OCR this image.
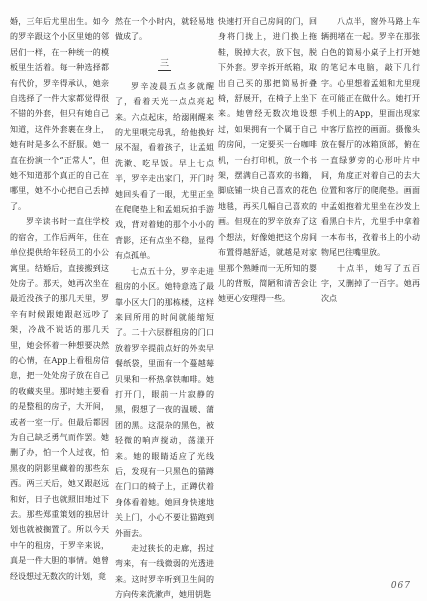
婚，三年后尤里出生。如今的罗辛跟这个小区里她的邻居们一样，在一种统一的模板里生活着。每一种选择都有代价，罗辛得承认，她亲自选择了一件大家都觉得很不错的外套，但只有她自己知道，这件外套裹在身上，她有时是多么不舒服。她一直在扮演一个“正常人”，但她不知道那个真正的自己在哪里，她不小心把自己丢掉了。

罗辛读书时一直住学校的宿舍，工作后两年，住在单位提供给年轻员工的小公寓里。结婚后，直接搬到这处房子。那天，她再次坐在最近没孩子的那几天里，罗辛有时候跟她跟赵远吵了架，冷战不说话的那几天里，她会怀着一种想要决然的心情，在App上看租房信息，把一处处房子放在自己的收藏夹里。那时她主要看的是整租的房子，大开间，或者一室一厅。但最后都因为自己缺乏勇气而作罢。她删了办，怕一个人过夜，怕黑夜的阴影里藏着的那些东西。两三天后，她又跟赵远和好，日子也就照旧地过下去。那些郑重策划的独居计划也就被搁置了。所以今天中午的租房，于罗辛来说，真是一件大胆的事情。她曾经设想过无数次的计划，竟

然在一个小时内，就轻易地做成了。

三

罗辛凌晨五点多就醒了，看着天光一点点亮起来。六点起床，给溺刚醒来的尤里喂完母乳，给他换好尿不湿，看着孩子，让孟姐洗漱、吃早饭。早上七点半，罗辛走出家门，开门时她回头看了一眼，尤里正坐在爬爬垫上和孟姐玩拍手游戏，背对着她的那个小小的背影，还有点坐不稳，显得有点孤单。

七点五十分，罗辛走进租房的小区。她特意选了最靠小区大门的那栋楼，这样来回所用的时间就能缩短了。二十六层群租房的门口放着罗辛提前点好的外卖早餐纸袋，里面有一个蔓越莓贝果和一杯热拿铁咖啡。她打开门，眼前一片寂静的黑，假想了一夜的温暖、蒲团的黑。这混杂的黑色，被轻微的响声搅动，荡漾开来。她的眼睛适应了光线后，发现有一只黑色的猫蹲在门口的椅子上，正蹲伏着身体看着她。她回身快速地关上门，小心不要让猫跑到外面去。

走过狭长的走廊，拐过弯来，有一线微弱的光透进来。这时罗辛听到卫生间的方向传来洗漱声，她用钥匙

快速打开自己房间的门，回身将门拢上，进门换上拖鞋，脱掉大衣，放下包，脱下外套。罗辛拆开纸箱，取出自己买的那把简易折叠椅，舒展开，在椅子上坐下来。她曾经无数次地设想过，如果拥有一个属于自己的房间，一定要买一台咖啡机，一台打印机，放一个书架，摆满自己喜欢的书籍，脚底铺一块自己喜欢的花色地毯，再买几幅自己喜欢的画。但现在的罗辛放弃了这个想法，好像她把这个房间布置得越舒适，就越是对家里那个熟睡而一无所知的婴儿的背叛，简陋和清苦会让她更心安理得一些。

八点半，窗外马路上车辆拥堵在一起。罗辛在那张白色的简易小桌子上打开她的笔记本电脑，敲下几行字。心里想着孟姐和尤里现在可能正在做什么。她打开手机上的App，里面出现家中客厅监控的画面。摄像头放在餐厅的冰箱顶部，俯在一直绿萝旁的心形叶片中间，角度正对着自己的去大位置和客厅的爬爬垫。画面中孟姐抱着尤里坐在沙发上看黑白卡片，尤里手中拿着一本布书，孜着书上的小动物尾巴往嘴里放。

十点半，她写了五百字，又删掉了一百字。她再次点

067
